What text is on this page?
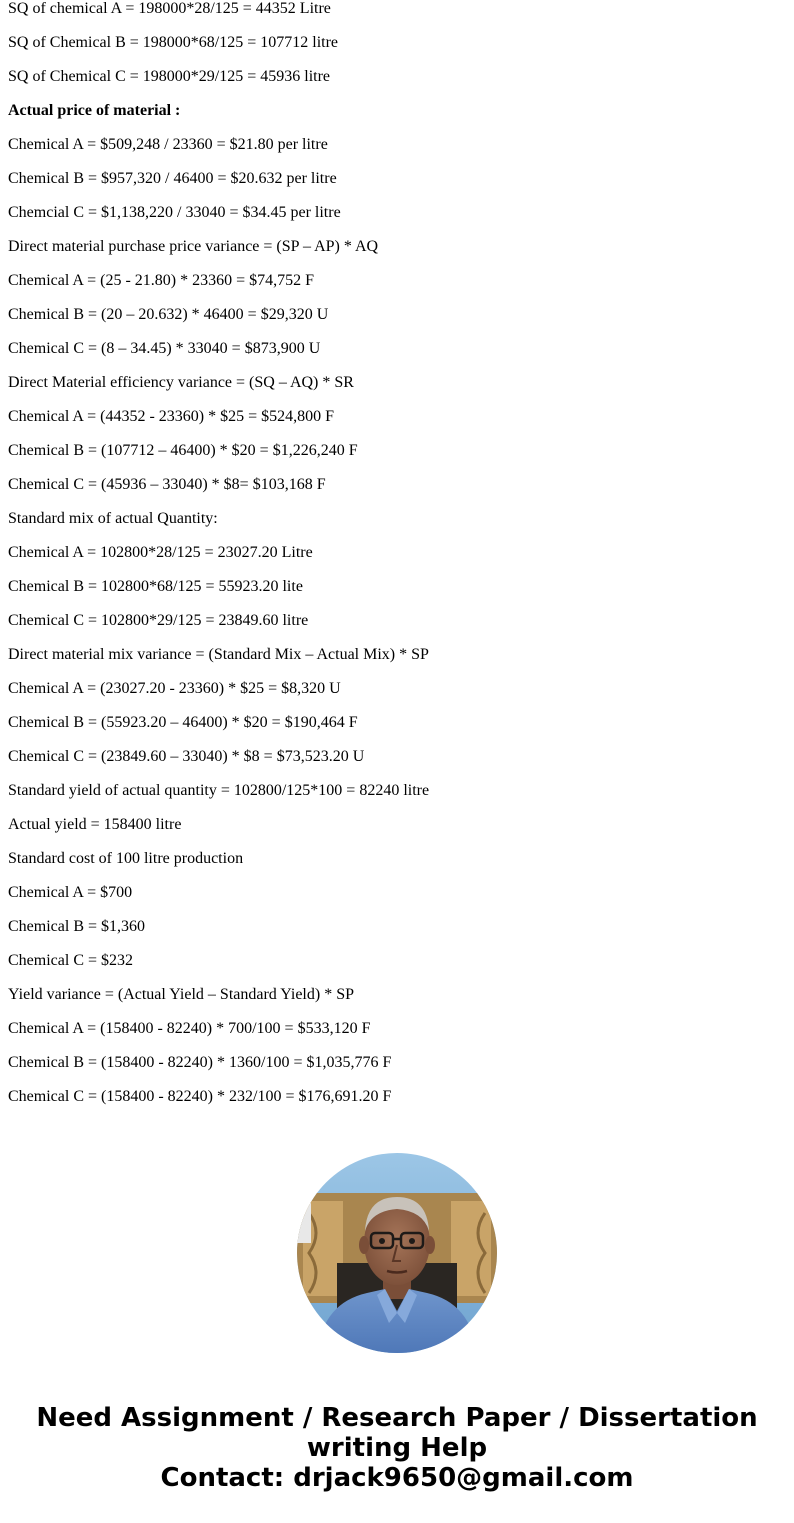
SQ of chemical A = 198000*28/125 = 44352 Litre

SQ of Chemical B = 198000*68/125 = 107712 litre

SQ of Chemical C = 198000*29/125 = 45936 litre

Actual price of material :

Chemical A = $509,248 / 23360 = $21.80 per litre

Chemical B = $957,320 / 46400 = $20.632 per litre

Chemcial C = $1,138,220 / 33040 = $34.45 per litre

Direct material purchase price variance = (SP – AP) * AQ

Chemical A = (25 - 21.80) * 23360 = $74,752 F

Chemical B = (20 – 20.632) * 46400 = $29,320 U

Chemical C = (8 – 34.45) * 33040 = $873,900 U

Direct Material efficiency variance = (SQ – AQ) * SR

Chemical A = (44352 - 23360) * $25 = $524,800 F

Chemical B = (107712 – 46400) * $20 = $1,226,240 F

Chemical C = (45936 – 33040) * $8= $103,168 F

Standard mix of actual Quantity:

Chemical A = 102800*28/125 = 23027.20 Litre

Chemical B = 102800*68/125 = 55923.20 lite

Chemical C = 102800*29/125 = 23849.60 litre

Direct material mix variance = (Standard Mix – Actual Mix) * SP

Chemical A = (23027.20 - 23360) * $25 = $8,320 U

Chemical B = (55923.20 – 46400) * $20 = $190,464 F

Chemical C = (23849.60 – 33040) * $8 = $73,523.20 U

Standard yield of actual quantity = 102800/125*100 = 82240 litre

Actual yield = 158400 litre

Standard cost of 100 litre production

Chemical A = $700

Chemical B = $1,360

Chemical C = $232

Yield variance = (Actual Yield – Standard Yield) * SP

Chemical A = (158400 - 82240) * 700/100 = $533,120 F

Chemical B = (158400 - 82240) * 1360/100 = $1,035,776 F

Chemical C = (158400 - 82240) * 232/100 = $176,691.20 F

Need Assignment / Research Paper / Dissertation
writing Help
Contact: drjack9650@gmail.com
